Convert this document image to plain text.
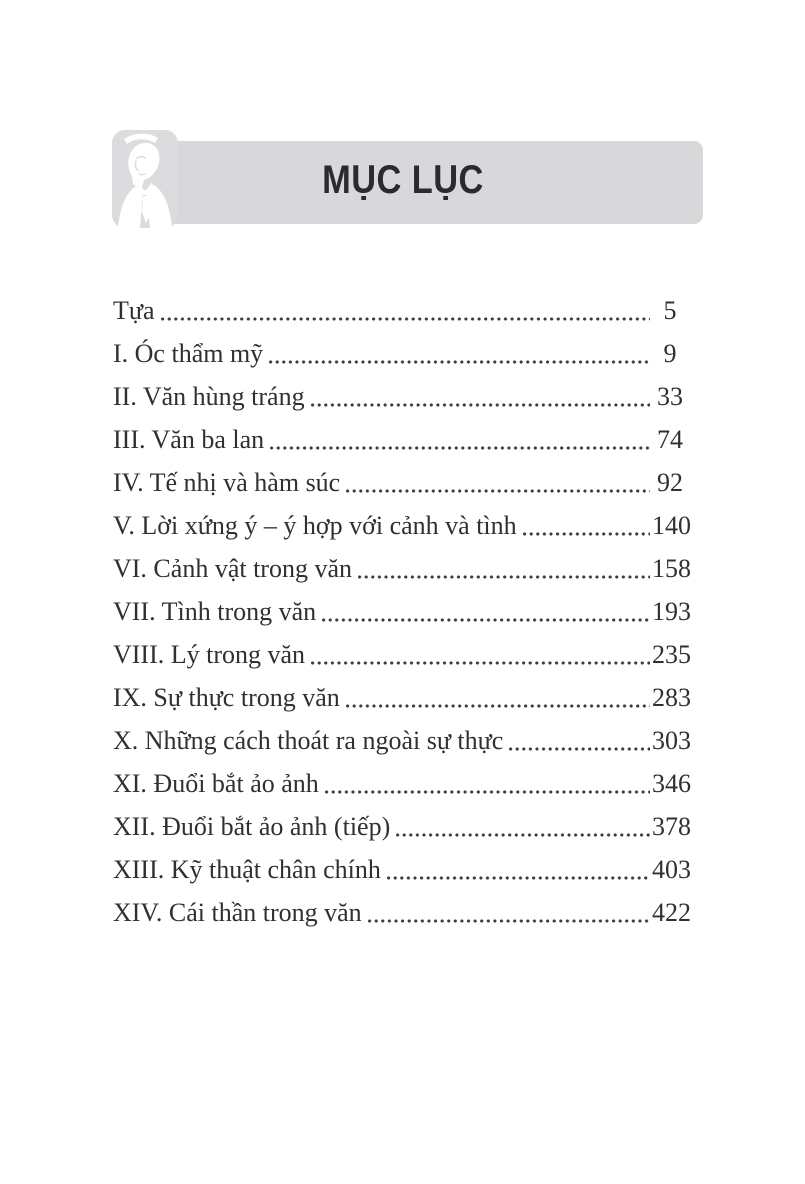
MỤC LỤC
Tựa	5
I. Óc thẩm mỹ	9
II. Văn hùng tráng	33
III. Văn ba lan	74
IV. Tế nhị và hàm súc	92
V. Lời xứng ý – ý hợp với cảnh và tình	140
VI. Cảnh vật trong văn	158
VII. Tình trong văn	193
VIII. Lý trong văn	235
IX. Sự thực trong văn	283
X. Những cách thoát ra ngoài sự thực	303
XI. Đuổi bắt ảo ảnh	346
XII. Đuổi bắt ảo ảnh (tiếp)	378
XIII. Kỹ thuật chân chính	403
XIV. Cái thần trong văn	422
